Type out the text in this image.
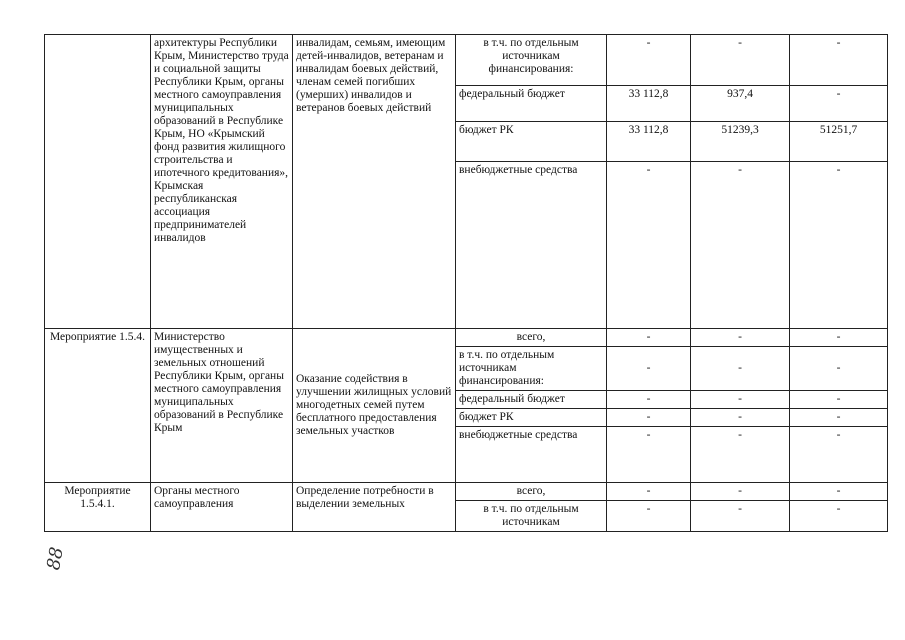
	архитектуры Республики Крым, Министерство труда и социальной защиты Республики Крым, органы местного самоуправления муниципальных образований в Республике Крым, НО «Крымский фонд развития жилищного строительства и ипотечного кредитования», Крымская республиканская ассоциация предпринимателей инвалидов	инвалидам, семьям, имеющим детей-инвалидов, ветеранам и инвалидам боевых действий, членам семей погибших (умерших) инвалидов и ветеранов боевых действий	в т.ч. по отдельным источникам финансирования:	-	-	-
			федеральный бюджет	33 112,8	937,4	-
			бюджет РК	33 112,8	51239,3	51251,7
			внебюджетные средства	-	-	-
Мероприятие 1.5.4.	Министерство имущественных и земельных отношений Республики Крым, органы местного самоуправления муниципальных образований в Республике Крым	Оказание содействия в улучшении жилищных условий многодетных семей путем бесплатного предоставления земельных участков	всего,	-	-	-
			в т.ч. по отдельным источникам финансирования:	-	-	-
			федеральный бюджет	-	-	-
			бюджет РК	-	-	-
			внебюджетные средства	-	-	-
Мероприятие 1.5.4.1.	Органы местного самоуправления	Определение потребности в выделении земельных	всего,	-	-	-
			в т.ч. по отдельным источникам	-	-	-
88
